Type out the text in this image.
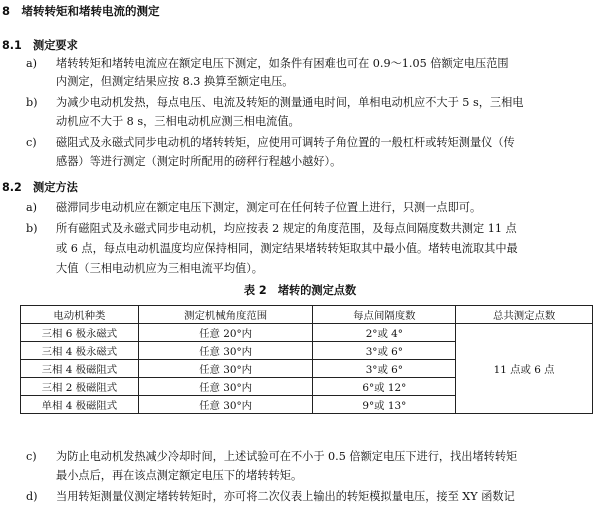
8　堵转转矩和堵转电流的测定
8.1　测定要求
a) 堵转转矩和堵转电流应在额定电压下测定，如条件有困难也可在 0.9～1.05 倍额定电压范围
内测定，但测定结果应按 8.3 换算至额定电压。
b) 为减少电动机发热，每点电压、电流及转矩的测量通电时间，单相电动机应不大于 5 s，三相电
动机应不大于 8 s，三相电动机应测三相电流值。
c) 磁阻式及永磁式同步电动机的堵转转矩，应使用可调转子角位置的一般杠杆或转矩测量仪（传
感器）等进行测定（测定时所配用的磅秤行程越小越好）。
8.2　测定方法
a) 磁滞同步电动机应在额定电压下测定，测定可在任何转子位置上进行，只测一点即可。
b) 所有磁阻式及永磁式同步电动机，均应按表 2 规定的角度范围，及每点间隔度数共测定 11 点
或 6 点，每点电动机温度均应保持相同，测定结果堵转转矩取其中最小值。堵转电流取其中最
大值（三相电动机应为三相电流平均值）。
表 2　堵转的测定点数
电动机种类	测定机械角度范围	每点间隔度数	总共测定点数
三相 6 极永磁式	任意 20°内	2°或 4°	11 点或 6 点
三相 4 极永磁式	任意 30°内	3°或 6°	
三相 4 极磁阻式	任意 30°内	3°或 6°	
三相 2 极磁阻式	任意 30°内	6°或 12°	
单相 4 极磁阻式	任意 30°内	9°或 13°	
c) 为防止电动机发热减少冷却时间，上述试验可在不小于 0.5 倍额定电压下进行，找出堵转转矩
最小点后，再在该点测定额定电压下的堵转转矩。
d) 当用转矩测量仪测定堵转转矩时，亦可将二次仪表上输出的转矩模拟量电压，接至 XY 函数记
